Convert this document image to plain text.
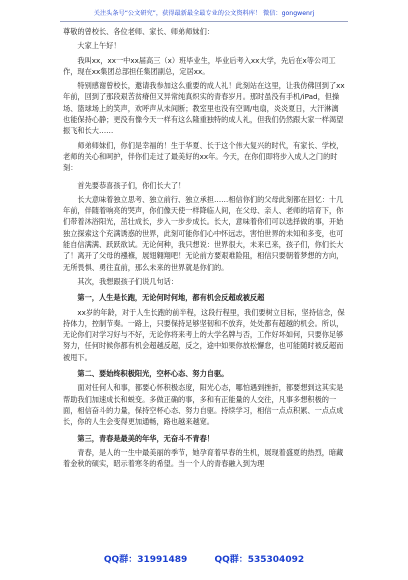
关注头条号“公文研究”，获得最新最全最专业的公文资料库！ 微信：gongwenrj

尊敬的曾校长、各位老师、家长、师弟师妹们：

大家上午好！

我叫xx，xx一中xx届高三（x）班毕业生，毕业后考入xx大学，先后在x等公司工作，现在xx集团总部担任集团副总，定居xx。

特别感谢曾校长，邀请我参加这么重要的成人礼！此刻站在这里，让我仿佛回到了xx年前，回到了那段艰苦贫瘠但又异常纯真炽实的青春岁月。那时虽没有手机/iPad，但操场、篮球场上的笑声，欢呼声从未间断；教室里也没有空调/电扇，炎炎夏日，大汗淋漓也能保持心静；更没有像今天一样有这么隆重独特的成人礼，但我们仍然跟大家一样渴望振飞和长大……

师弟师妹们，你们是幸福的！生于华夏、长于这个伟大复兴的时代，有家长、学校，老师的关心和呵护，伴你们走过了最美好的xx年。今天，在你们即将步入成人之门的时刻：

首先要恭喜孩子们，你们长大了！

长大意味着独立思考、独立前行、独立承担……相信你们的父母此刻都在回忆：十几年前，伴随着响亮的哭声，你们像天使一样降临人间，在父母、亲人、老师的培育下，你们带着沐浴阳光，茁壮成长，步入一步步成长。长大，意味着你们可以选择做的事，开始独立探索这个充满诱惑的世界，此刻可能你们心中怀远志，害怕世界的未知和多变，也可能自信满满、跃跃欲试。无论何种，我只想说：世界很大，未来已来，孩子们，你们长大了！离开了父母的襁褓，展翅翱翔吧！无论前方要艰难险阻，相信只要朝着梦想的方向，无所畏惧、勇往直前，那么未来的世界就是你们的。

其次，我想跟孩子们说几句话：

第一，人生是长跑，无论何时何地，都有机会反超或被反超

xx岁的年龄，对于人生长跑的前半程，这段行程里，我们要树立目标，坚持信念，保持体力，控制节奏。一路上，只要保持足够坚韧和不放弃，处处都有超越的机会。所以，无论你们对学习好与不好，无论你将来考上的大学名牌与否，工作好坏如何，只要你足够努力，任何时候你都有机会超越反超，反之，途中如果你放松懈怠，也可能随时被反超而被甩下。

第二、要始终积极阳光，空杯心态、努力自驱。

面对任何人和事，都要心怀积极态度，阳光心态，哪怕遇到挫折，都要想到这其实是帮助我们加速成长和蜕变。多做正确的事，多和有正能量的人交往，凡事多想积极的一面，相信奋斗的力量，保持空杯心态、努力自驱。持续学习，相信一点点积累、一点点成长，你的人生会变得更加通畅，路也越来越宽。

第三，青春是最美的年华，无奋斗不青春！

青春，是人的一生中最美丽的季节，她孕育着早春的生机，展现着盛夏的热烈，暗藏着金秋的硕实，昭示着寒冬的希望。当一个人的青春融入到为理

QQ群：31991489	QQ群：535304092
